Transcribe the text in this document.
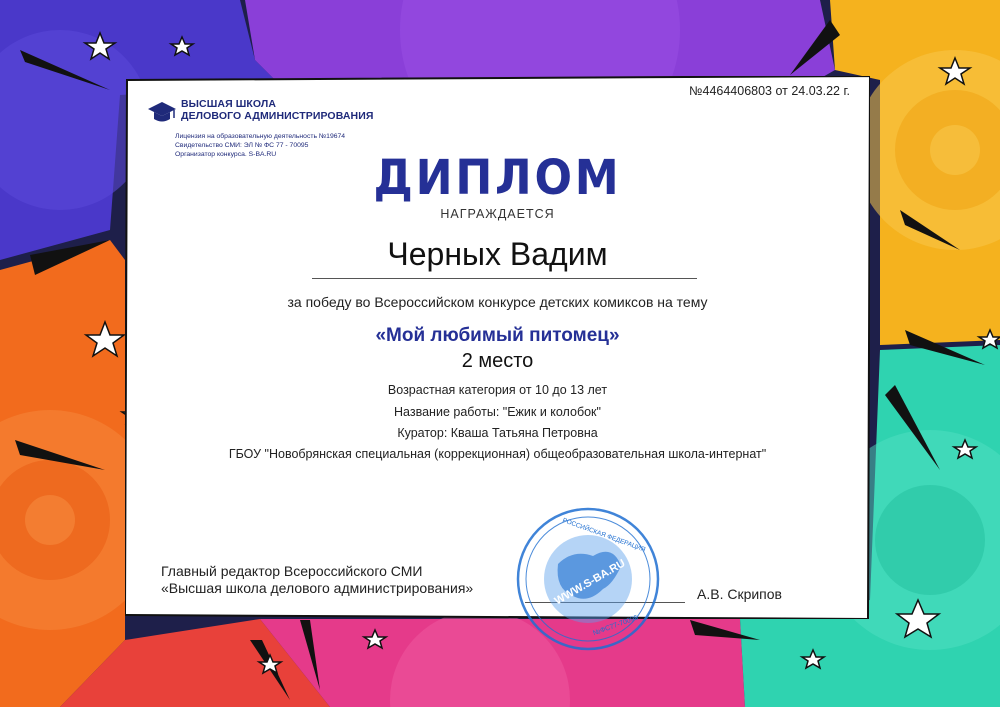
ВЫСШАЯ ШКОЛА
ДЕЛОВОГО АДМИНИСТРИРОВАНИЯ
Лицензия на образовательную деятельность №19674
Свидетельство СМИ: ЭЛ № ФС 77 - 70095
Организатор конкурса. S-BA.RU
№4464406803 от 24.03.22 г.
ДИПЛОМ
НАГРАЖДАЕТСЯ
Черных Вадим
за победу во Всероссийском конкурсе детских комиксов на тему
«Мой любимый питомец»
2 место
Возрастная категория от 10 до 13 лет
Название работы: "Ежик и колобок"
Куратор: Кваша Татьяна Петровна
ГБОУ "Новобрянская специальная (коррекционная) общеобразовательная школа-интернат"
Главный редактор Всероссийского СМИ
«Высшая школа делового администрирования»	А.В. Скрипов
WWW.S-BA.RU
РОССИЙСКАЯ ФЕДЕРАЦИЯ
№ФС77-70095
